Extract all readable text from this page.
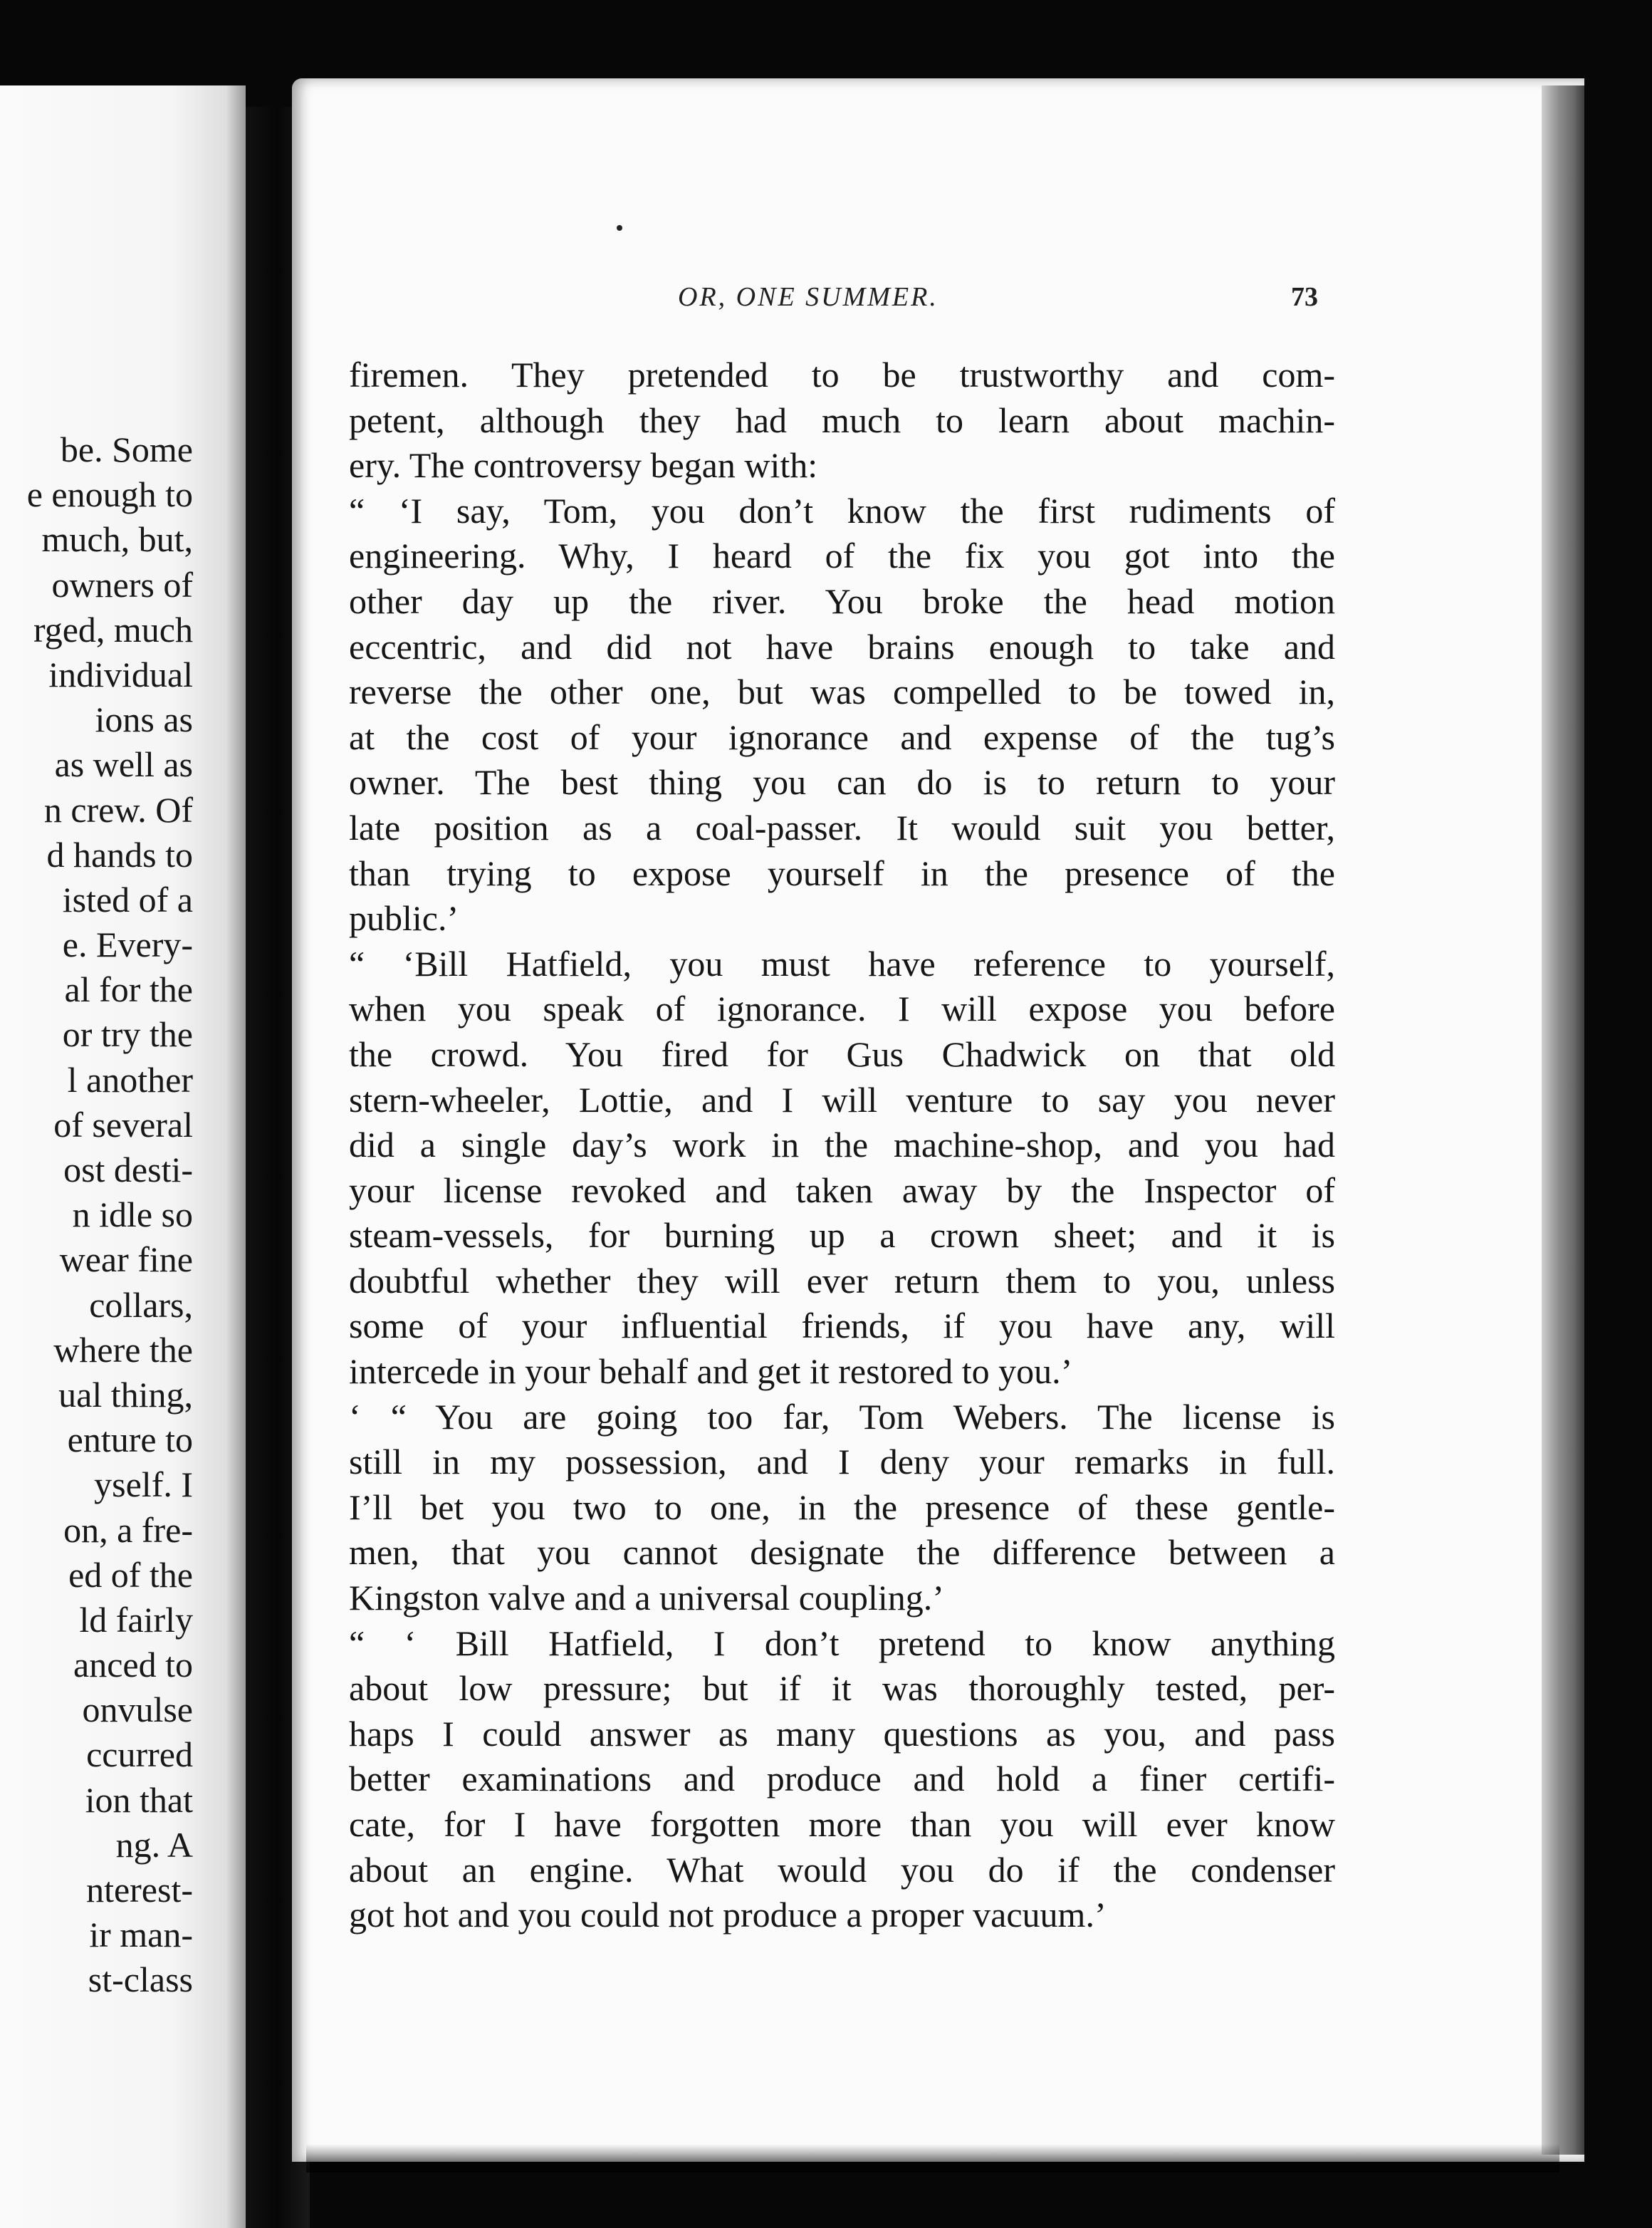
be. Some
e enough to
much, but,
owners of
rged, much
individual
ions as
as well as
n crew. Of
d hands to
isted of a
e. Every-
al for the
or try the
l another
of several
ost desti-
n idle so
wear fine
collars,
where the
ual thing,
enture to
yself. I
on, a fre-
ed of the
ld fairly
anced to
onvulse
ccurred
ion that
ng. A
nterest-
ir man-
st-class
OR, ONE SUMMER.	73
firemen. They pretended to be trustworthy and com-
petent, although they had much to learn about machin-
ery. The controversy began with:
“ ‘I say, Tom, you don’t know the first rudiments of
engineering. Why, I heard of the fix you got into the
other day up the river. You broke the head motion
eccentric, and did not have brains enough to take and
reverse the other one, but was compelled to be towed in,
at the cost of your ignorance and expense of the tug’s
owner. The best thing you can do is to return to your
late position as a coal-passer. It would suit you better,
than trying to expose yourself in the presence of the
public.’
“ ‘Bill Hatfield, you must have reference to yourself,
when you speak of ignorance. I will expose you before
the crowd. You fired for Gus Chadwick on that old
stern-wheeler, Lottie, and I will venture to say you never
did a single day’s work in the machine-shop, and you had
your license revoked and taken away by the Inspector of
steam-vessels, for burning up a crown sheet; and it is
doubtful whether they will ever return them to you, unless
some of your influential friends, if you have any, will
intercede in your behalf and get it restored to you.’
‘ “ You are going too far, Tom Webers. The license is
still in my possession, and I deny your remarks in full.
I’ll bet you two to one, in the presence of these gentle-
men, that you cannot designate the difference between a
Kingston valve and a universal coupling.’
“ ‘ Bill Hatfield, I don’t pretend to know anything
about low pressure; but if it was thoroughly tested, per-
haps I could answer as many questions as you, and pass
better examinations and produce and hold a finer certifi-
cate, for I have forgotten more than you will ever know
about an engine. What would you do if the condenser
got hot and you could not produce a proper vacuum.’
